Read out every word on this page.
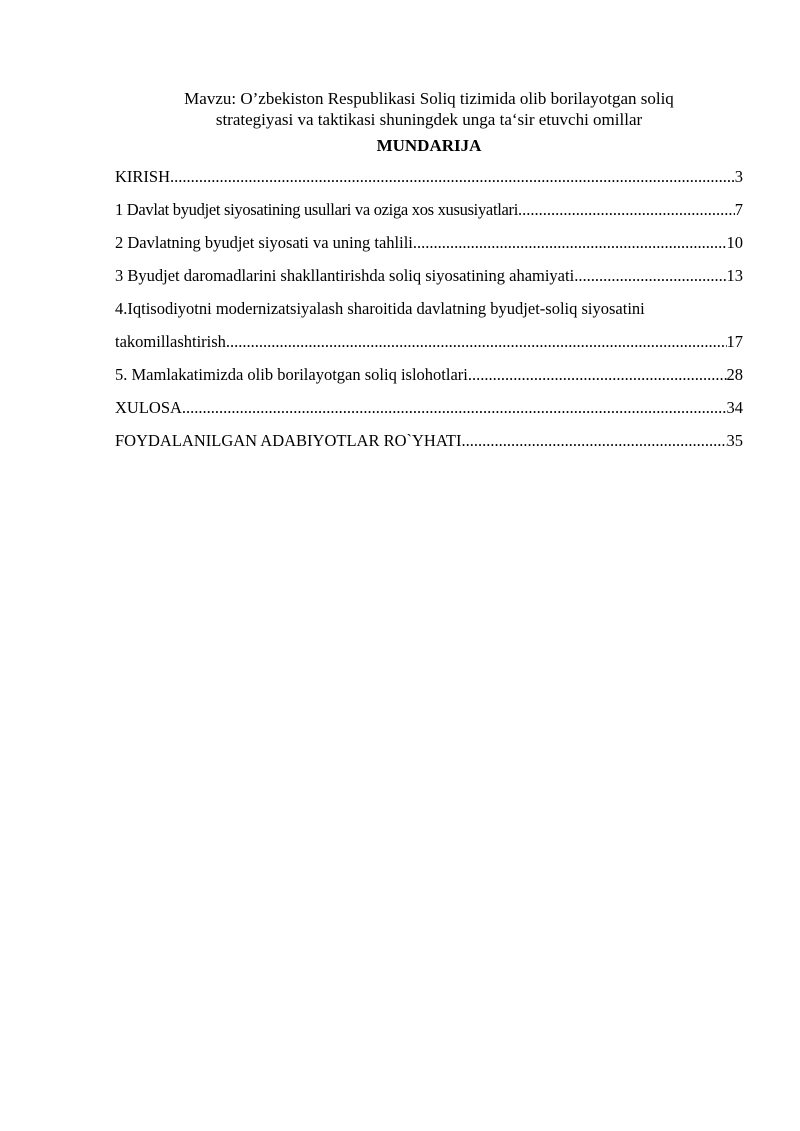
Mavzu: O’zbekiston Respublikasi Soliq tizimida olib borilayotgan soliq
strategiyasi va taktikasi shuningdek unga ta‘sir etuvchi omillar

MUNDARIJA
KIRISH .....	3
1 Davlat byudjet siyosatining usullari va oziga xos xususiyatlari .....	7
2 Davlatning byudjet siyosati va uning tahlili .....	10
3 Byudjet daromadlarini shakllantirishda soliq siyosatining ahamiyati .....	13
4.Iqtisodiyotni modernizatsiyalash sharoitida davlatning byudjet-soliq siyosatini
takomillashtirish .....	17
5. Mamlakatimizda olib borilayotgan soliq islohotlari .....	28
XULOSA .....	34
FOYDALANILGAN ADABIYOTLAR RO`YHATI .....	35
